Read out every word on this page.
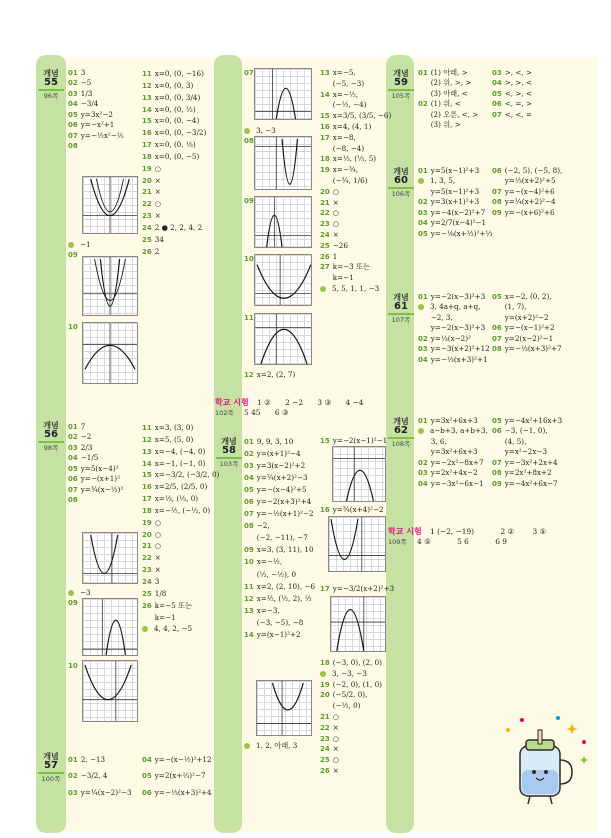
개념
55
96쪽
개념
56
98쪽
개념
57
100쪽
개념
58
103쪽
개념
59
105쪽
개념
60
106쪽
개념
61
107쪽
개념
62
108쪽
01 3
02 −5
03 1/3
04 −3/4
05 y=3x²−2
06 y=−x²+1
07 y=−½x²−⅕
08
−1
09
10
11 x=0, (0, −16)
12 x=0, (0, 3)
13 x=0, (0, 3/4)
14 x=0, (0, ½)
15 x=0, (0, −4)
16 x=0, (0, −3/2)
17 x=0, (0, ⅓)
18 x=0, (0, −5)
19 ○
20 ×
21 ×
22 ○
23 ×
24 2 ● 2, 2, 4, 2
25 34
26 2
01 7
02 −2
03 2/3
04 −1/5
05 y=5(x−4)²
06 y=−(x+1)²
07 y=¾(x−½)²
08
−3
09
10
11 x=3, (3, 0)
12 x=5, (5, 0)
13 x=−4, (−4, 0)
14 x=−1, (−1, 0)
15 x=−3/2, (−3/2, 0)
16 x=2/5, (2/5, 0)
17 x=⅓, (⅓, 0)
18 x=−½, (−½, 0)
19 ○
20 ○
21 ○
22 ×
23 ×
24 3
25 1/8
26 k=−5 또는
k=−1
4, 4, 2, −5
01 2, −13
02 −3/2, 4
03 y=¼(x−2)²−3
04 y=−(x−½)²+12
05 y=2(x+⅔)²−7
06 y=−⅓(x+3)²+4
07
3, −3
08
09
10
11
12 x=2, (2, 7)
13 x=−5,
(−5, −3)
14 x=−½,
(−½, −4)
15 x=3/5, (3/5, −6)
16 x=4, (4, 1)
17 x=−8,
(−8, −4)
18 x=⅓, (⅓, 5)
19 x=−¾,
(−¾, 1/6)
20 ○
21 ×
22 ○
23 ○
24 ×
25 −26
26 1
27 k=−3 또는
k=−1
5, 5, 1, 1, −3
01 9, 9, 3, 10
02 y=(x+1)²−4
03 y=3(x−2)²+2
04 y=¾(x+2)²−3
05 y=−(x−4)²+5
06 y=−2(x+3)²+4
07 y=−½(x+1)²−2
08 −2,
(−2, −11), −7
09 x=3, (3, 11), 10
10 x=−½,
(½, −½), 0
11 x=2, (2, 10), −6
12 x=½, (½, 2), ½
13 x=−3,
(−3, −5), −8
14 y=(x−1)²+2
1, 2, 아래, 3
15 y=−2(x−1)²−1
16 y=¾(x+4)²−2
17 y=−3/2(x+2)²+3
18 (−3, 0), (2, 0)
3, −3, −3
19 (−2, 0), (1, 0)
20 (−5/2, 0),
(−½, 0)
21 ○
22 ×
23 ○
24 ×
25 ○
26 ×
01 (1) 아래, >
(2) 위, >, >
(3) 아래, <
02 (1) 위, <
(2) 오른, <, >
(3) 위, >
03 >, <, >
04 >, >, <
05 <, >, <
06 <, =, >
07 <, <, =
01 y=5(x−1)²+3
1, 3, 5,
y=5(x−1)²+3
02 y=3(x+1)²+3
03 y=−4(x−2)²+7
04 y=2/7(x−4)²−1
05 y=−⅛(x+⅓)²+⅓
06 (−2, 5), (−5, 8),
y=⅓(x+2)²+5
07 y=−(x−4)²+6
08 y=¼(x+2)²−4
09 y=−(x+6)²+6
01 y=−2(x−3)²+3
3, 4a+q, a+q,
−2, 3,
y=−2(x−3)²+3
02 y=⅓(x−2)²
03 y=−3(x+2)²+12
04 y=−⅓(x+3)²+1
05 x=−2, (0, 2),
(1, 7),
y=(x+2)²−2
06 y=−(x−1)²+2
07 y=2(x−2)²−1
08 y=−⅓(x+3)²+7
01 y=3x²+6x+3
a−b+3, a+b+3,
3, 6,
y=3x²+6x+3
02 y=−2x²−8x+7
03 y=2x²+4x−2
04 y=−3x²−6x−1
05 y=−4x²+16x+3
06 −3, (−1, 0),
(4, 5),
y=x²−2x−3
07 y=−3x²+2x+4
08 y=2x²+8x+2
09 y=−4x²+6x−7
학교 시험 1 ② 2 −2 3 ③ 4 −4
102쪽 5 45 6 ③
학교 시험 1 (−2, −19)	2 ② 3 ⑤
109쪽 4 ⑤	5 6	6 9
